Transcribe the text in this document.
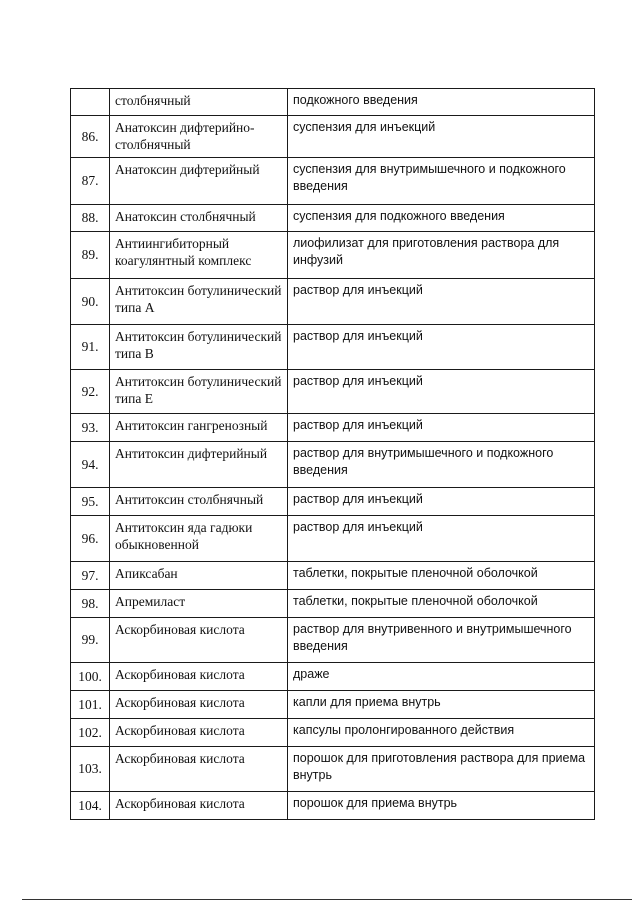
	столбнячный	подкожного введения
86.	Анатоксин дифтерийно-столбнячный	суспензия для инъекций
87.	Анатоксин дифтерийный	суспензия для внутримышечного и подкожного введения
88.	Анатоксин столбнячный	суспензия для подкожного введения
89.	Антиингибиторный коагулянтный комплекс	лиофилизат для приготовления раствора для инфузий
90.	Антитоксин ботулинический типа А	раствор для инъекций
91.	Антитоксин ботулинический типа В	раствор для инъекций
92.	Антитоксин ботулинический типа Е	раствор для инъекций
93.	Антитоксин гангренозный	раствор для инъекций
94.	Антитоксин дифтерийный	раствор для внутримышечного и подкожного введения
95.	Антитоксин столбнячный	раствор для инъекций
96.	Антитоксин яда гадюки обыкновенной	раствор для инъекций
97.	Апиксабан	таблетки, покрытые пленочной оболочкой
98.	Апремиласт	таблетки, покрытые пленочной оболочкой
99.	Аскорбиновая кислота	раствор для внутривенного и внутримышечного введения
100.	Аскорбиновая кислота	драже
101.	Аскорбиновая кислота	капли для приема внутрь
102.	Аскорбиновая кислота	капсулы пролонгированного действия
103.	Аскорбиновая кислота	порошок для приготовления раствора для приема внутрь
104.	Аскорбиновая кислота	порошок для приема внутрь
